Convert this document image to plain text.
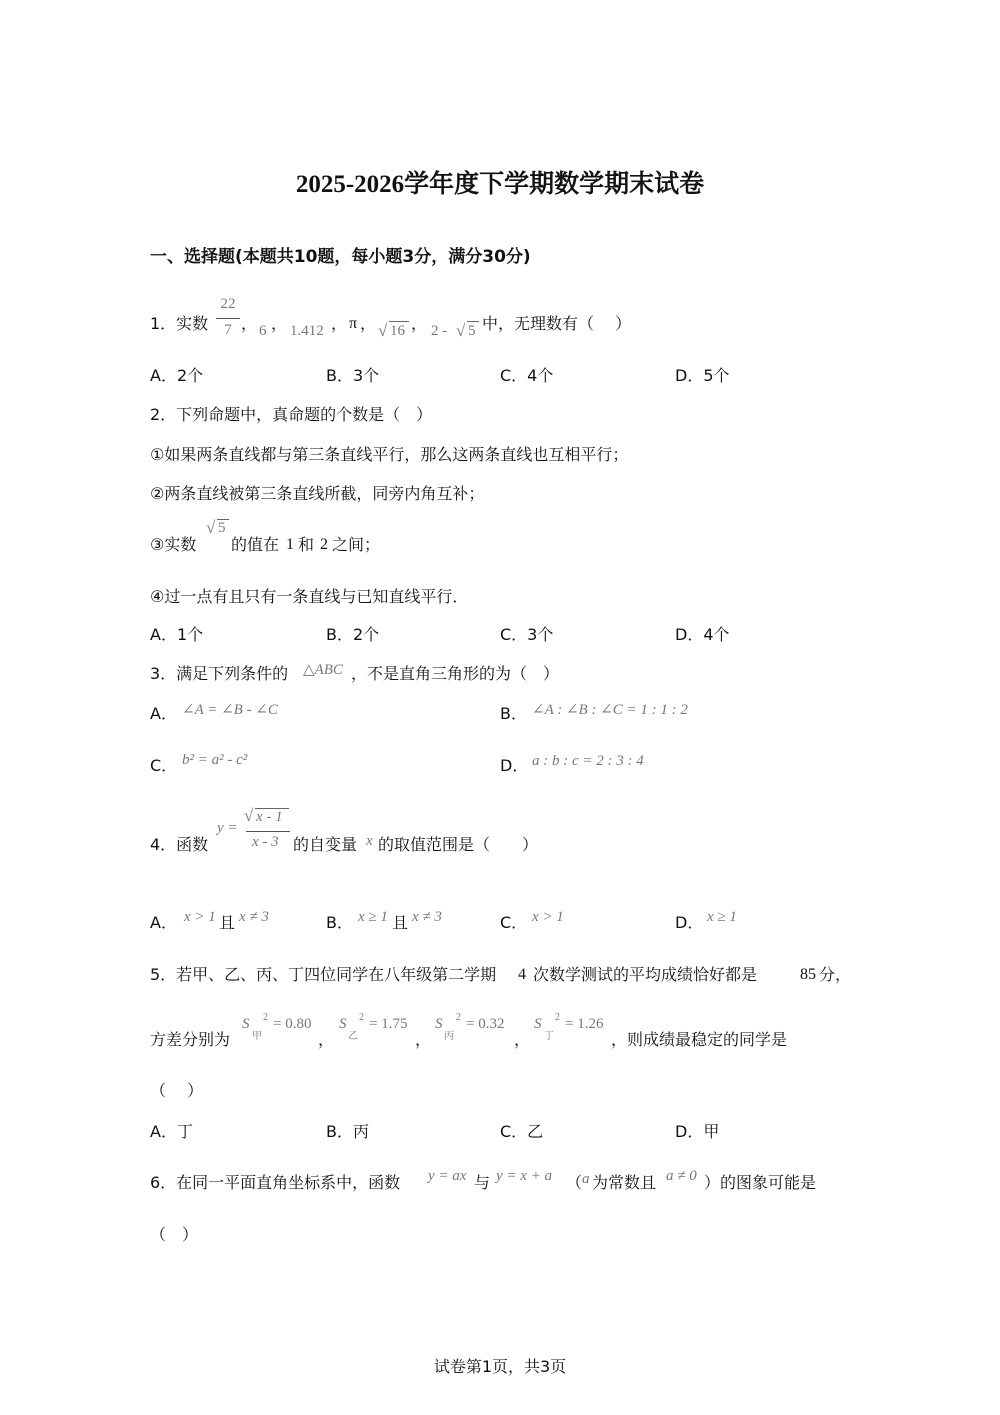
2025-2026学年度下学期数学期末试卷
一、选择题(本题共10题，每小题3分，满分30分)
1．实数
22
7 ， 6 ， 1.412 ， π ， √ 16 ， 2 - √ 5 中，无理数有（　 ）
A．2个	B．3个	C．4个	D．5个
2．下列命题中，真命题的个数是（　）
①如果两条直线都与第三条直线平行，那么这两条直线也互相平行；
②两条直线被第三条直线所截，同旁内角互补；
③实数
√ 5
的值在 1 和 2 之间；
④过一点有且只有一条直线与已知直线平行．
A．1个	B．2个	C．3个	D．4个
3．满足下列条件的 △ABC ，不是直角三角形的为（　）
A． ∠A = ∠B - ∠C	B． ∠A : ∠B : ∠C = 1 : 1 : 2
C． b² = a² - c²	D． a : b : c = 2 : 3 : 4
4．函数
y =
√ x - 1
x - 3 的自变量 x 的取值范围是（　　）
A． x > 1 且 x ≠ 3	B． x ≥ 1 且 x ≠ 3	C． x > 1	D． x ≥ 1
5．若甲、乙、丙、丁四位同学在八年级第二学期 4 次数学测试的平均成绩恰好都是	85 分，
方差分别为
S
甲
2 = 0.80
，
S
乙
2 = 1.75
，
S
丙
2 = 0.32
，
S
丁
2 = 1.26
，则成绩最稳定的同学是
（　 ）
A．丁	B．丙	C．乙	D．甲
6．在同一平面直角坐标系中，函数 y = ax 与 y = x + a （ a 为常数且 a ≠ 0 ）的图象可能是
（　）
试卷第1页，共3页
